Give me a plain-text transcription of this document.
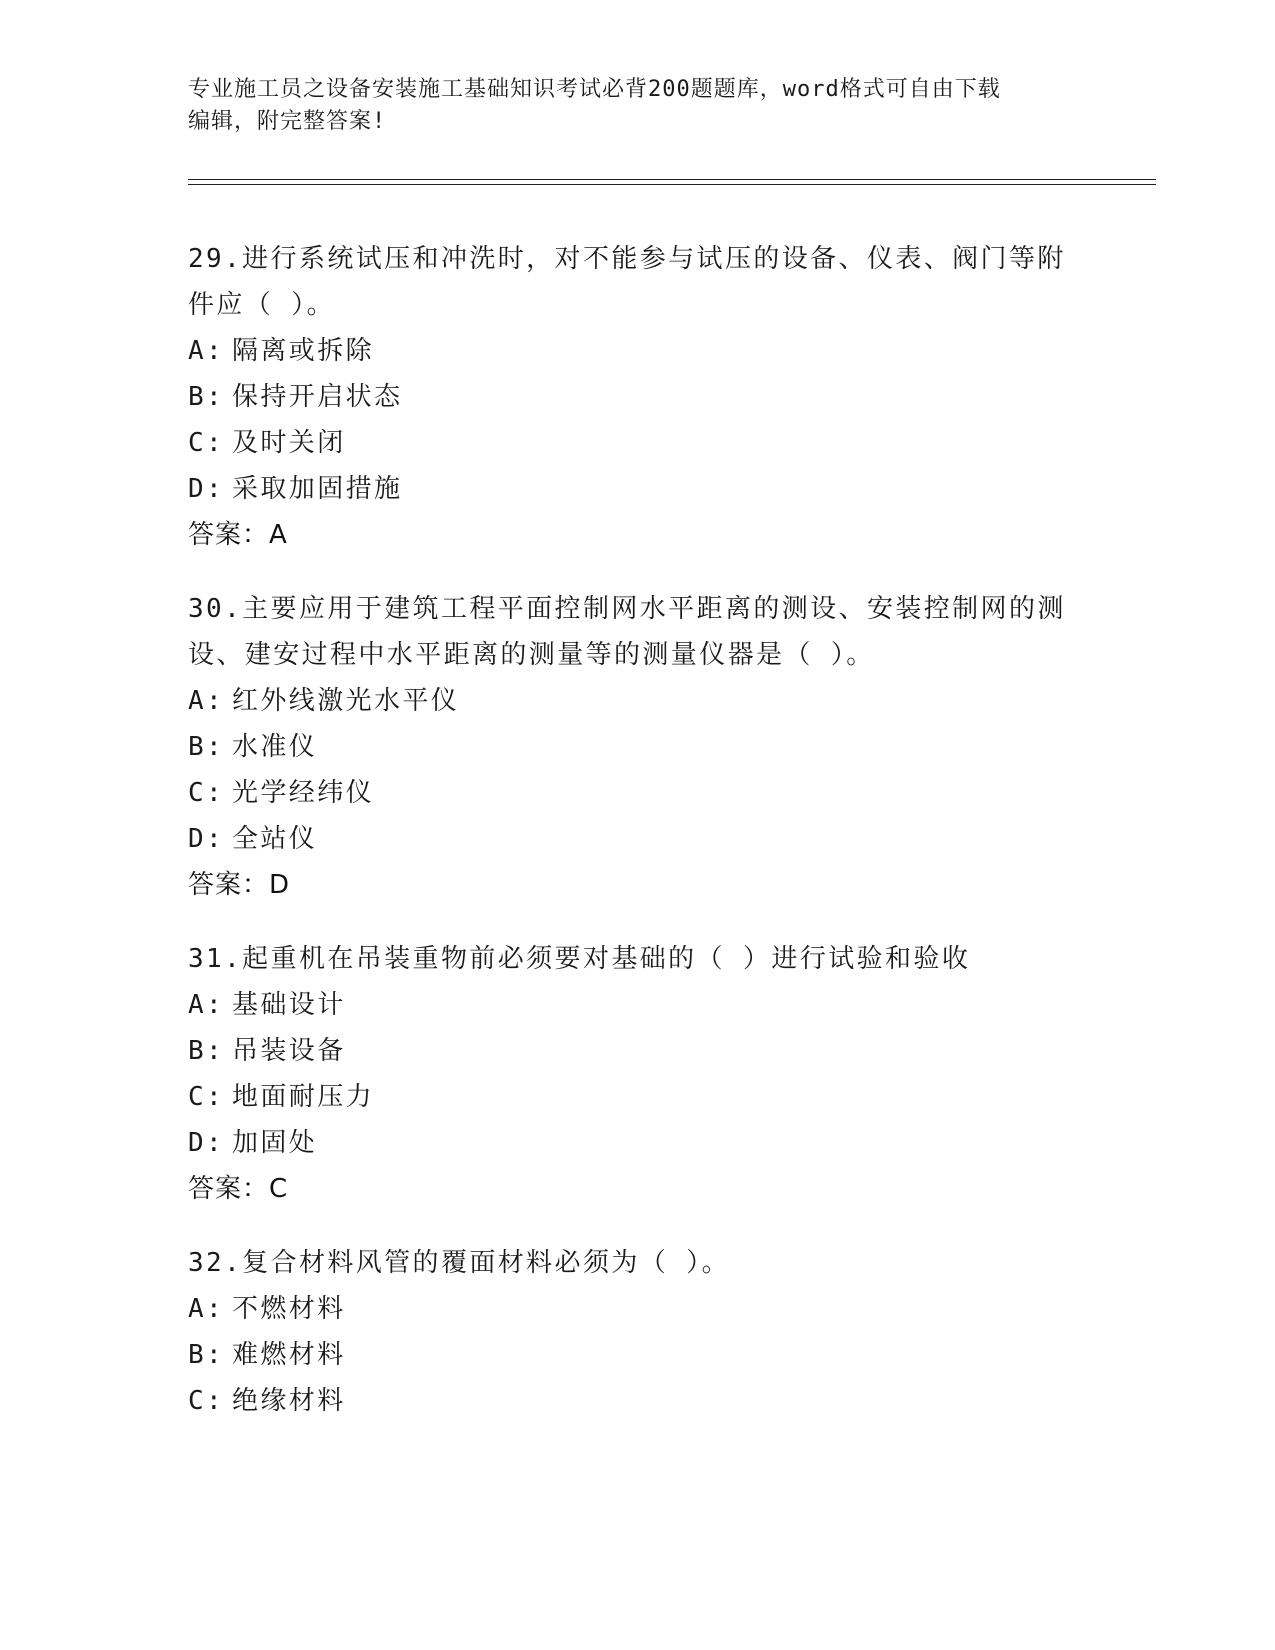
专业施工员之设备安装施工基础知识考试必背200题题库，word格式可自由下载
编辑，附完整答案!

29.进行系统试压和冲洗时，对不能参与试压的设备、仪表、阀门等附

件应（ ）。

A: 隔离或拆除

B: 保持开启状态

C: 及时关闭

D: 采取加固措施

答案：A

30.主要应用于建筑工程平面控制网水平距离的测设、安装控制网的测

设、建安过程中水平距离的测量等的测量仪器是（ ）。

A: 红外线激光水平仪

B: 水准仪

C: 光学经纬仪

D: 全站仪

答案：D

31.起重机在吊装重物前必须要对基础的（ ）进行试验和验收

A: 基础设计

B: 吊装设备

C: 地面耐压力

D: 加固处

答案：C

32.复合材料风管的覆面材料必须为（ ）。

A: 不燃材料

B: 难燃材料

C: 绝缘材料
